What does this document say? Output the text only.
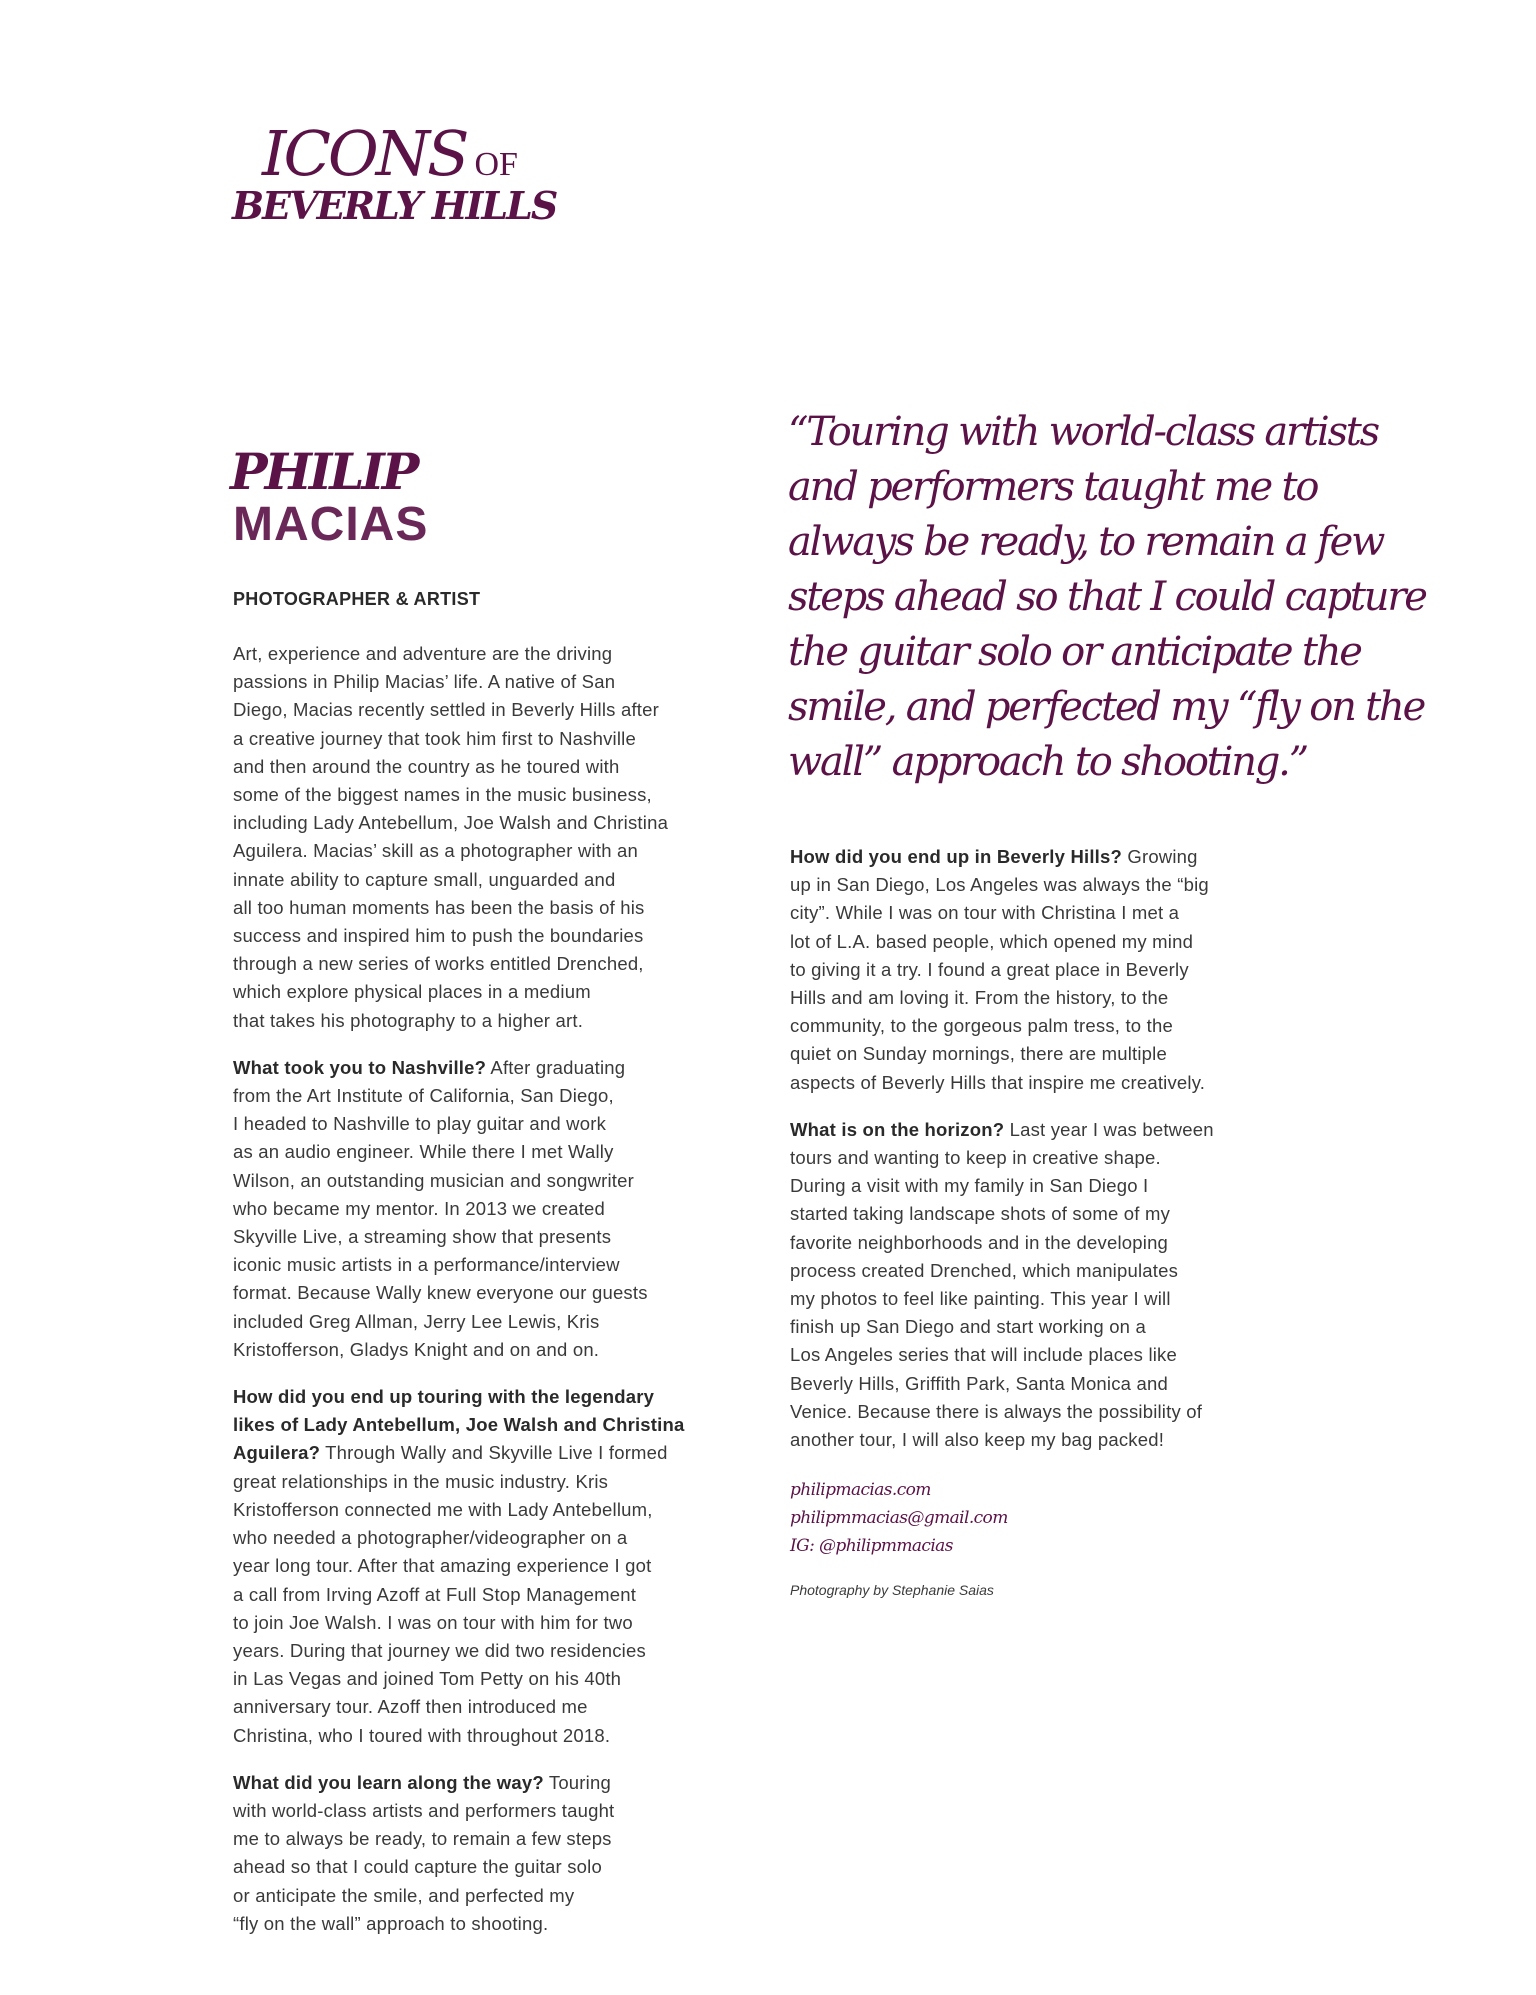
ICONS OF
BEVERLY HILLS
PHILIP
MACIAS
PHOTOGRAPHER & ARTIST

Art, experience and adventure are the driving

passions in Philip Macias’ life. A native of San

Diego, Macias recently settled in Beverly Hills after

a creative journey that took him first to Nashville

and then around the country as he toured with

some of the biggest names in the music business,

including Lady Antebellum, Joe Walsh and Christina

Aguilera. Macias’ skill as a photographer with an

innate ability to capture small, unguarded and

all too human moments has been the basis of his

success and inspired him to push the boundaries

through a new series of works entitled Drenched,

which explore physical places in a medium

that takes his photography to a higher art.

What took you to Nashville? After graduating

from the Art Institute of California, San Diego,

I headed to Nashville to play guitar and work

as an audio engineer. While there I met Wally

Wilson, an outstanding musician and songwriter

who became my mentor. In 2013 we created

Skyville Live, a streaming show that presents

iconic music artists in a performance/interview

format. Because Wally knew everyone our guests

included Greg Allman, Jerry Lee Lewis, Kris

Kristofferson, Gladys Knight and on and on.

How did you end up touring with the legendary

likes of Lady Antebellum, Joe Walsh and Christina

Aguilera? Through Wally and Skyville Live I formed

great relationships in the music industry. Kris

Kristofferson connected me with Lady Antebellum,

who needed a photographer/videographer on a

year long tour. After that amazing experience I got

a call from Irving Azoff at Full Stop Management

to join Joe Walsh. I was on tour with him for two

years. During that journey we did two residencies

in Las Vegas and joined Tom Petty on his 40th

anniversary tour. Azoff then introduced me

Christina, who I toured with throughout 2018.

What did you learn along the way? Touring

with world-class artists and performers taught

me to always be ready, to remain a few steps

ahead so that I could capture the guitar solo

or anticipate the smile, and perfected my

“fly on the wall” approach to shooting.

“Touring with world-class artists
and performers taught me to
always be ready, to remain a few
steps ahead so that I could capture
the guitar solo or anticipate the
smile, and perfected my “fly on the
wall” approach to shooting.”

How did you end up in Beverly Hills? Growing

up in San Diego, Los Angeles was always the “big

city”. While I was on tour with Christina I met a

lot of L.A. based people, which opened my mind

to giving it a try. I found a great place in Beverly

Hills and am loving it. From the history, to the

community, to the gorgeous palm tress, to the

quiet on Sunday mornings, there are multiple

aspects of Beverly Hills that inspire me creatively.

What is on the horizon? Last year I was between

tours and wanting to keep in creative shape.

During a visit with my family in San Diego I

started taking landscape shots of some of my

favorite neighborhoods and in the developing

process created Drenched, which manipulates

my photos to feel like painting. This year I will

finish up San Diego and start working on a

Los Angeles series that will include places like

Beverly Hills, Griffith Park, Santa Monica and

Venice. Because there is always the possibility of

another tour, I will also keep my bag packed!

philipmacias.com
philipmmacias@gmail.com
IG: @philipmmacias
Photography by Stephanie Saias
